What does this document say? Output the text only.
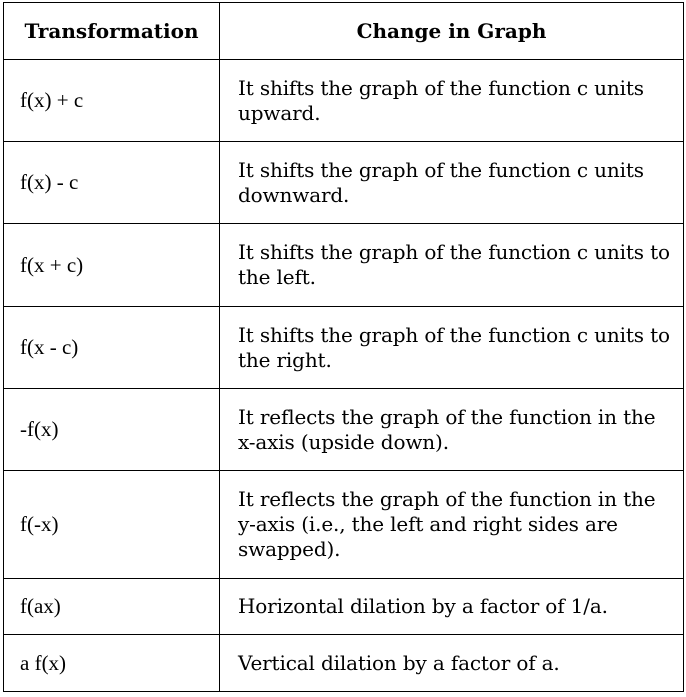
Transformation	Change in Graph
f(x) + c	It shifts the graph of the function c units upward.
f(x) - c	It shifts the graph of the function c units downward.
f(x + c)	It shifts the graph of the function c units to the left.
f(x - c)	It shifts the graph of the function c units to the right.
-f(x)	It reflects the graph of the function in the x-axis (upside down).
f(-x)	It reflects the graph of the function in the y-axis (i.e., the left and right sides are swapped).
f(ax)	Horizontal dilation by a factor of 1/a.
a f(x)	Vertical dilation by a factor of a.
